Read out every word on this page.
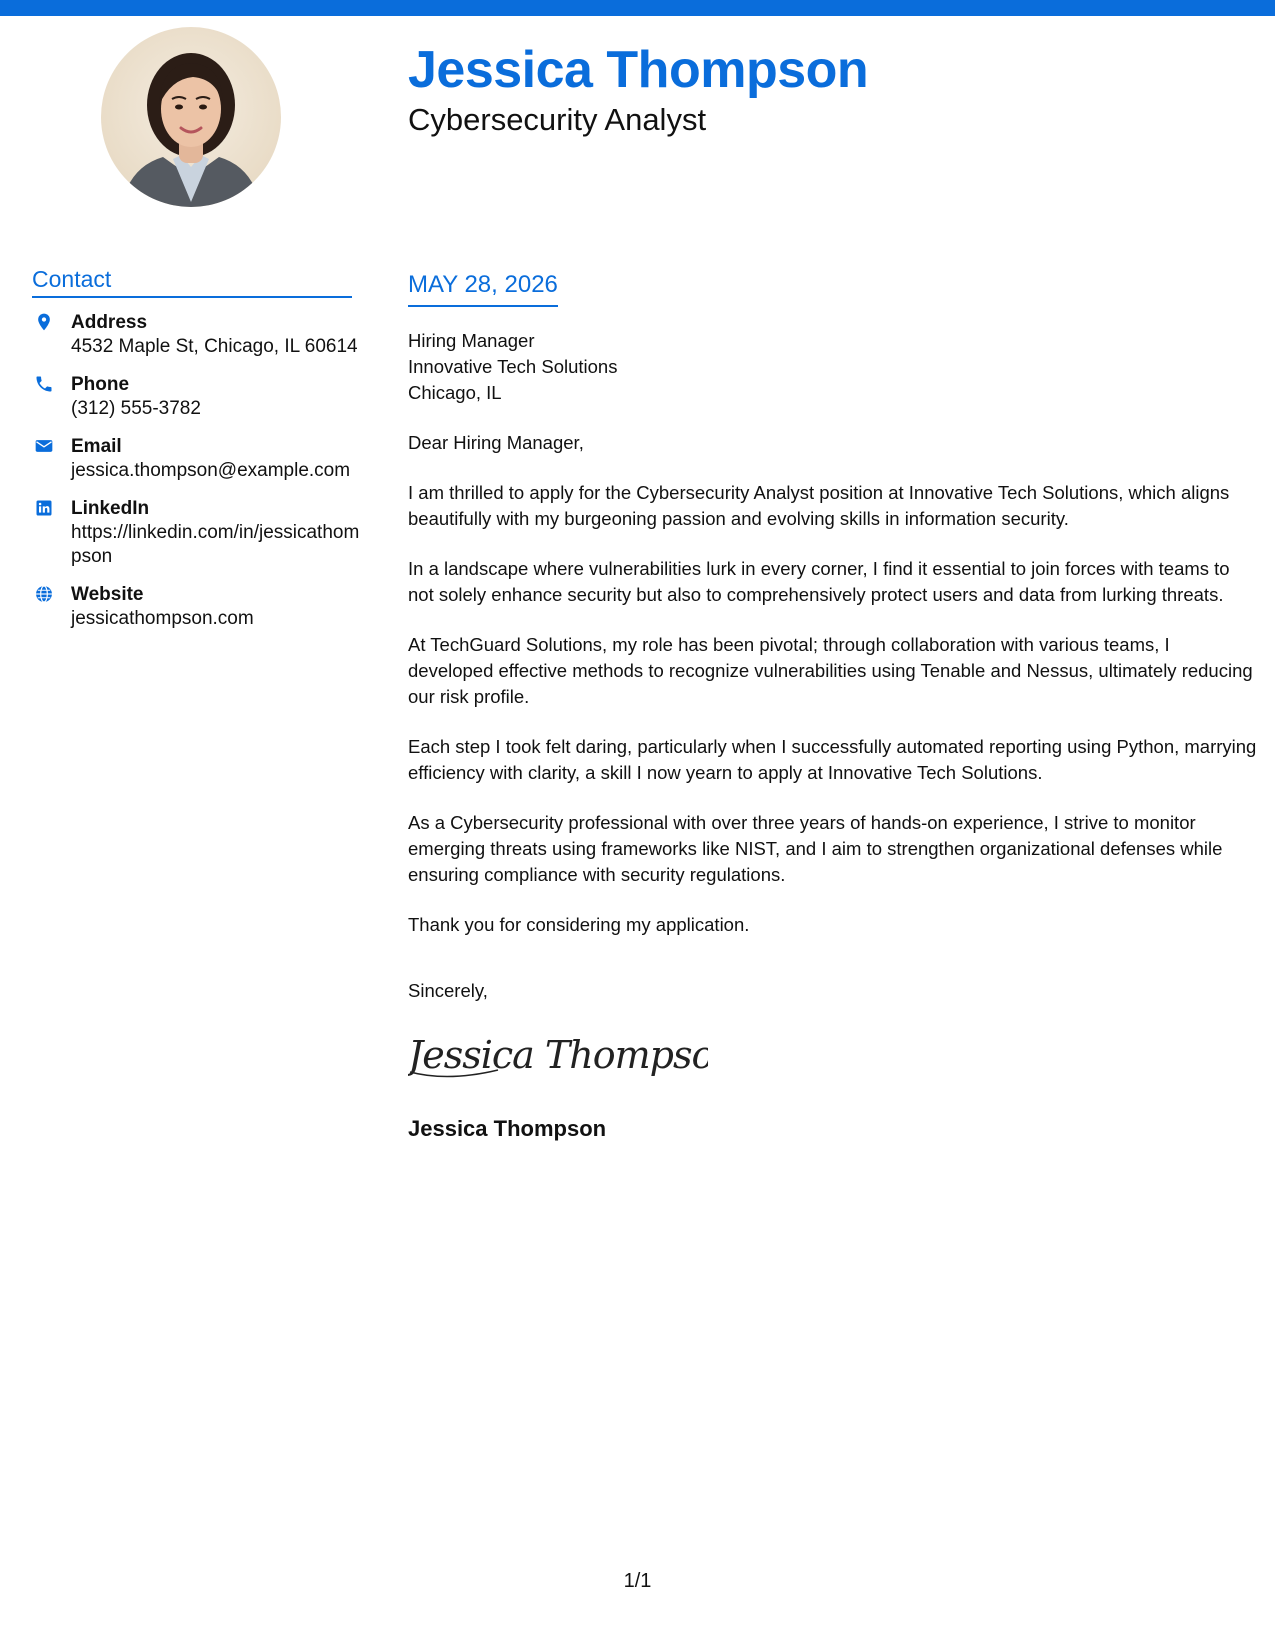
Jessica Thompson
Cybersecurity Analyst
Contact
Address
4532 Maple St, Chicago, IL 60614
Phone
(312) 555-3782
Email
jessica.thompson@example.com
LinkedIn
https://linkedin.com/in/jessicathompson
Website
jessicathompson.com
MAY 28, 2026
Hiring Manager
Innovative Tech Solutions
Chicago, IL

Dear Hiring Manager,

I am thrilled to apply for the Cybersecurity Analyst position at Innovative Tech Solutions, which aligns beautifully with my burgeoning passion and evolving skills in information security.

In a landscape where vulnerabilities lurk in every corner, I find it essential to join forces with teams to not solely enhance security but also to comprehensively protect users and data from lurking threats.

At TechGuard Solutions, my role has been pivotal; through collaboration with various teams, I developed effective methods to recognize vulnerabilities using Tenable and Nessus, ultimately reducing our risk profile.

Each step I took felt daring, particularly when I successfully automated reporting using Python, marrying efficiency with clarity, a skill I now yearn to apply at Innovative Tech Solutions.

As a Cybersecurity professional with over three years of hands-on experience, I strive to monitor emerging threats using frameworks like NIST, and I aim to strengthen organizational defenses while ensuring compliance with security regulations.

Thank you for considering my application.

Sincerely,

Jessica Thompson
Jessica Thompson
1/1
